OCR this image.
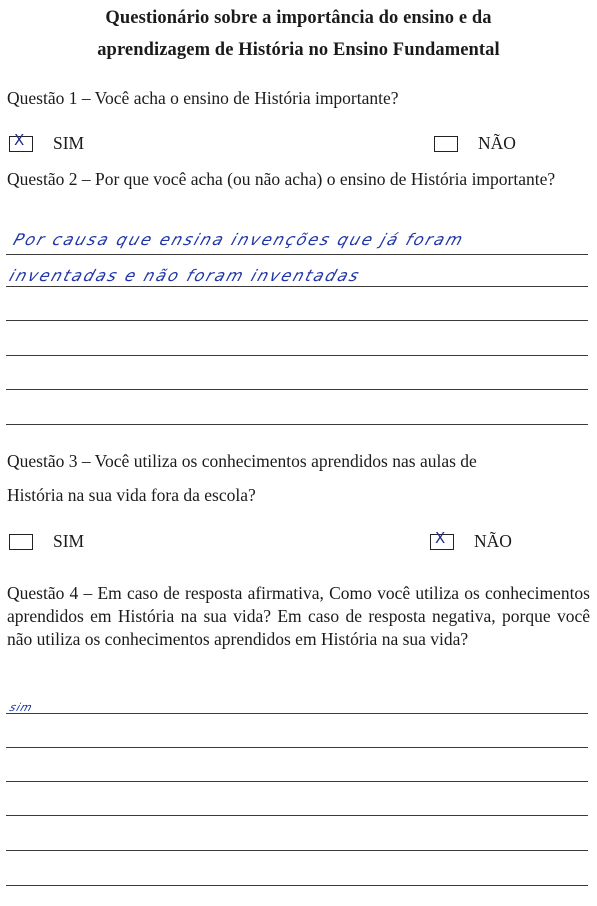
Questionário sobre a importância do ensino e da
aprendizagem de História no Ensino Fundamental
Questão 1 – Você acha o ensino de História importante?
X SIM	NÃO
Questão 2 – Por que você acha (ou não acha) o ensino de História importante?
Por causa que ensina invenções que já foram
inventadas e não foram inventadas
Questão 3 – Você utiliza os conhecimentos aprendidos nas aulas de
História na sua vida fora da escola?
SIM	X NÃO
Questão 4 – Em caso de resposta afirmativa, Como você utiliza os conhecimentos aprendidos em História na sua vida? Em caso de resposta negativa, porque você não utiliza os conhecimentos aprendidos em História na sua vida?
sim
